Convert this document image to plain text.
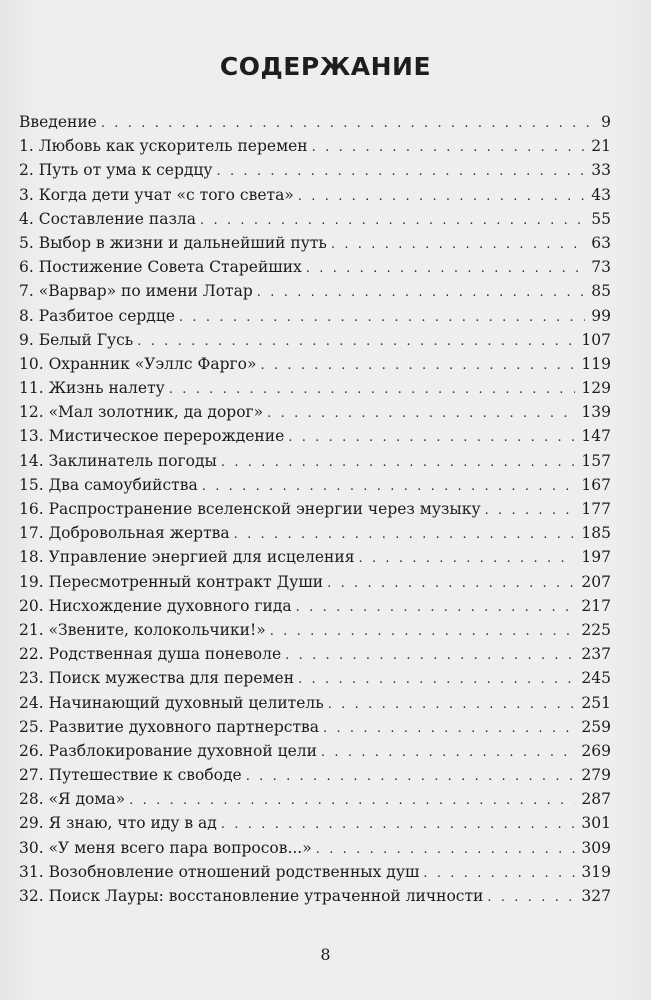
СОДЕРЖАНИЕ
Введение . . .	9
1. Любовь как ускоритель перемен . . .	21
2. Путь от ума к сердцу . . .	33
3. Когда дети учат «с того света» . . .	43
4. Составление пазла . . .	55
5. Выбор в жизни и дальнейший путь . . .	63
6. Постижение Совета Старейших . . .	73
7. «Варвар» по имени Лотар . . .	85
8. Разбитое сердце . . .	99
9. Белый Гусь . . .	107
10. Охранник «Уэллс Фарго» . . .	119
11. Жизнь налету . . .	129
12. «Мал золотник, да дорог» . . .	139
13. Мистическое перерождение . . .	147
14. Заклинатель погоды . . .	157
15. Два самоубийства . . .	167
16. Распространение вселенской энергии через музыку . . .	177
17. Добровольная жертва . . .	185
18. Управление энергией для исцеления . . .	197
19. Пересмотренный контракт Души . . .	207
20. Нисхождение духовного гида . . .	217
21. «Звените, колокольчики!» . . .	225
22. Родственная душа поневоле . . .	237
23. Поиск мужества для перемен . . .	245
24. Начинающий духовный целитель . . .	251
25. Развитие духовного партнерства . . .	259
26. Разблокирование духовной цели . . .	269
27. Путешествие к свободе . . .	279
28. «Я дома» . . .	287
29. Я знаю, что иду в ад . . .	301
30. «У меня всего пара вопросов...» . . .	309
31. Возобновление отношений родственных душ . . .	319
32. Поиск Лауры: восстановление утраченной личности . . .	327
8
